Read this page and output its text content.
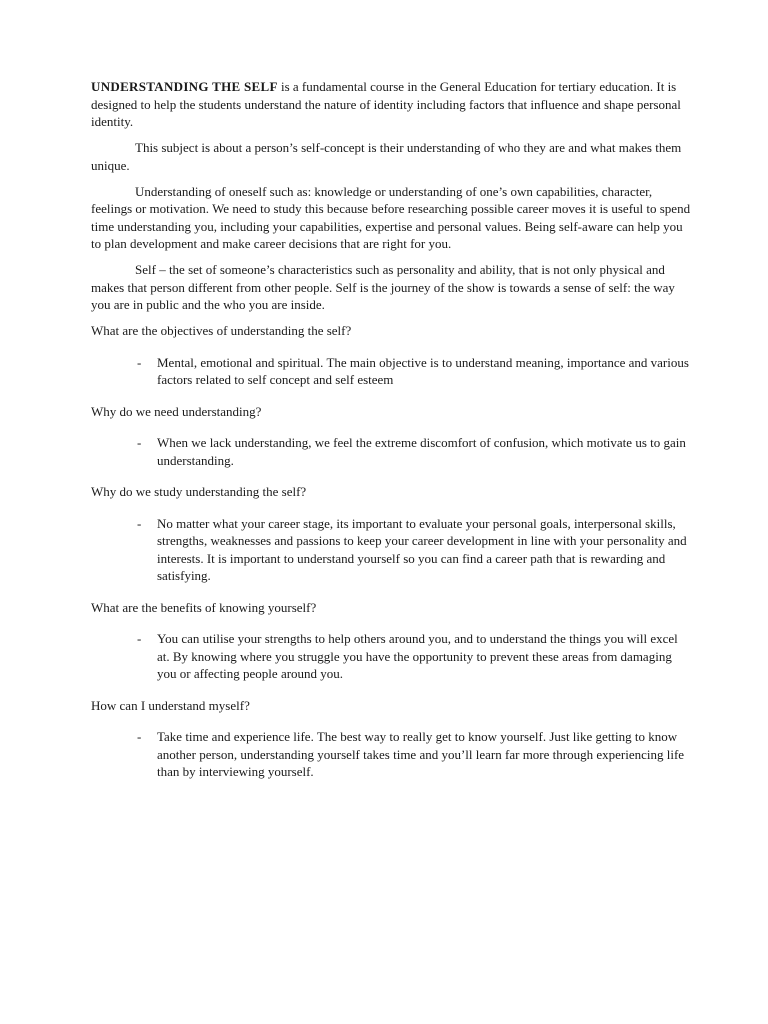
UNDERSTANDING THE SELF is a fundamental course in the General Education for tertiary education. It is designed to help the students understand the nature of identity including factors that influence and shape personal identity.

This subject is about a person’s self-concept is their understanding of who they are and what makes them unique.

Understanding of oneself such as: knowledge or understanding of one’s own capabilities, character, feelings or motivation. We need to study this because before researching possible career moves it is useful to spend time understanding you, including your capabilities, expertise and personal values. Being self-aware can help you to plan development and make career decisions that are right for you.

Self – the set of someone’s characteristics such as personality and ability, that is not only physical and makes that person different from other people. Self is the journey of the show is towards a sense of self: the way you are in public and the who you are inside.

What are the objectives of understanding the self?

- Mental, emotional and spiritual. The main objective is to understand meaning, importance and various factors related to self concept and self esteem

Why do we need understanding?

- When we lack understanding, we feel the extreme discomfort of confusion, which motivate us to gain understanding.

Why do we study understanding the self?

- No matter what your career stage, its important to evaluate your personal goals, interpersonal skills, strengths, weaknesses and passions to keep your career development in line with your personality and interests. It is important to understand yourself so you can find a career path that is rewarding and satisfying.

What are the benefits of knowing yourself?

- You can utilise your strengths to help others around you, and to understand the things you will excel at. By knowing where you struggle you have the opportunity to prevent these areas from damaging you or affecting people around you.

How can I understand myself?

- Take time and experience life. The best way to really get to know yourself. Just like getting to know another person, understanding yourself takes time and you’ll learn far more through experiencing life than by interviewing yourself.
